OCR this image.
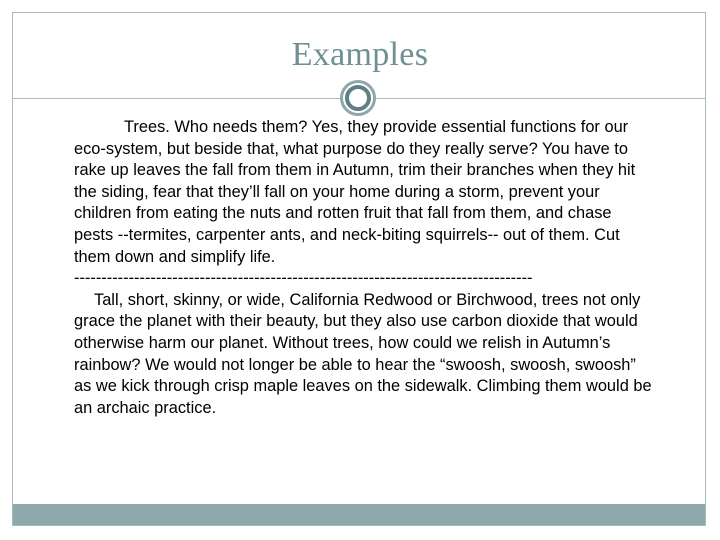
Examples

Trees. Who needs them? Yes, they provide essential functions for our eco-system, but beside that, what purpose do they really serve? You have to rake up leaves the fall from them in Autumn, trim their branches when they hit the siding, fear that they’ll fall on your home during a storm, prevent your children from eating the nuts and rotten fruit that fall from them, and chase pests --termites, carpenter ants, and neck-biting squirrels-- out of them. Cut them down and simplify life.

------------------------------------------------------------------------------------

Tall, short, skinny, or wide, California Redwood or Birchwood, trees not only grace the planet with their beauty, but they also use carbon dioxide that would otherwise harm our planet. Without trees, how could we relish in Autumn’s rainbow? We would not longer be able to hear the “swoosh, swoosh, swoosh” as we kick through crisp maple leaves on the sidewalk. Climbing them would be an archaic practice.
